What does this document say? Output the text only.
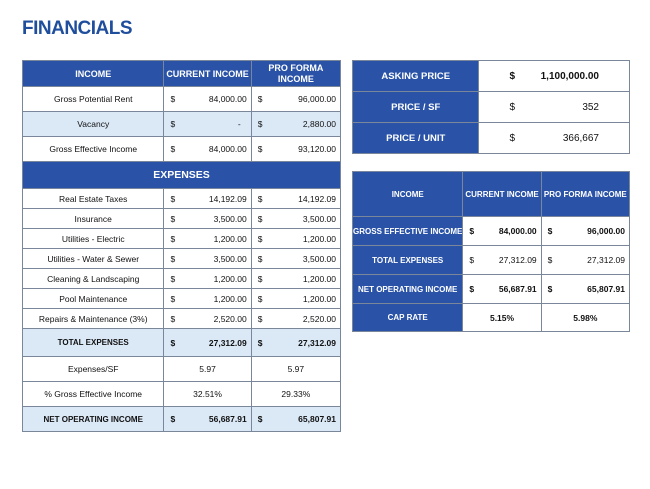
FINANCIALS
INCOME	CURRENT INCOME	PRO FORMA INCOME
Gross Potential Rent	$ 84,000.00	$ 96,000.00

Vacancy	$ -	$ 2,880.00

Gross Effective Income	$ 84,000.00	$ 93,120.00

EXPENSES		
Real Estate Taxes	$ 14,192.09	$ 14,192.09

Insurance	$ 3,500.00	$ 3,500.00

Utilities - Electric	$ 1,200.00	$ 1,200.00

Utilities - Water & Sewer	$ 3,500.00	$ 3,500.00

Cleaning & Landscaping	$ 1,200.00	$ 1,200.00

Pool Maintenance	$ 1,200.00	$ 1,200.00

Repairs & Maintenance (3%)	$ 2,520.00	$ 2,520.00

TOTAL EXPENSES	$ 27,312.09	$ 27,312.09

Expenses/SF	5.97	5.97
% Gross Effective Income	32.51%	29.33%
NET OPERATING INCOME	$ 56,687.91	$ 65,807.91
ASKING PRICE	$ 1,100,000.00

PRICE / SF	$ 352

PRICE / UNIT	$ 366,667
INCOME	CURRENT INCOME	PRO FORMA INCOME
GROSS EFFECTIVE INCOME	$ 84,000.00	$ 96,000.00

TOTAL EXPENSES	$ 27,312.09	$ 27,312.09

NET OPERATING INCOME	$ 56,687.91	$ 65,807.91

CAP RATE	5.15%	5.98%
